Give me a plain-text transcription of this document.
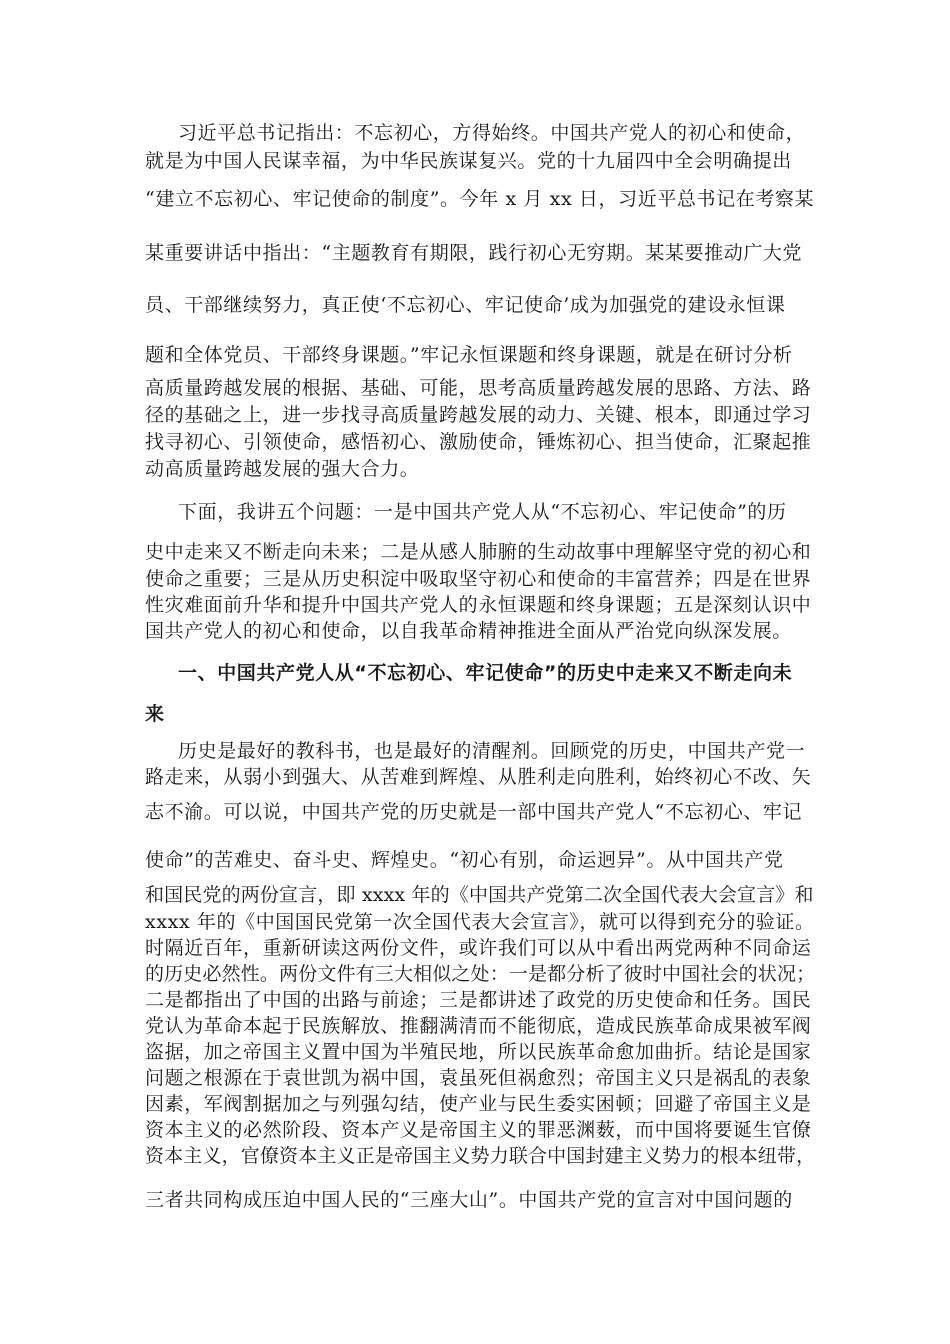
习近平总书记指出：不忘初心，方得始终。中国共产党人的初心和使命，
就是为中国人民谋幸福，为中华民族谋复兴。党的十九届四中全会明确提出
“建立不忘初心、牢记使命的制度”。今年 x 月 xx 日，习近平总书记在考察某
某重要讲话中指出：“主题教育有期限，践行初心无穷期。某某要推动广大党
员、干部继续努力，真正使‘不忘初心、牢记使命’成为加强党的建设永恒课
题和全体党员、干部终身课题。”牢记永恒课题和终身课题，就是在研讨分析
高质量跨越发展的根据、基础、可能，思考高质量跨越发展的思路、方法、路
径的基础之上，进一步找寻高质量跨越发展的动力、关键、根本，即通过学习
找寻初心、引领使命，感悟初心、激励使命，锤炼初心、担当使命，汇聚起推
动高质量跨越发展的强大合力。
下面，我讲五个问题：一是中国共产党人从“不忘初心、牢记使命”的历
史中走来又不断走向未来；二是从感人肺腑的生动故事中理解坚守党的初心和
使命之重要；三是从历史积淀中吸取坚守初心和使命的丰富营养；四是在世界
性灾难面前升华和提升中国共产党人的永恒课题和终身课题；五是深刻认识中
国共产党人的初心和使命，以自我革命精神推进全面从严治党向纵深发展。
一、中国共产党人从“不忘初心、牢记使命”的历史中走来又不断走向未
来
历史是最好的教科书，也是最好的清醒剂。回顾党的历史，中国共产党一
路走来，从弱小到强大、从苦难到辉煌、从胜利走向胜利，始终初心不改、矢
志不渝。可以说，中国共产党的历史就是一部中国共产党人“不忘初心、牢记
使命”的苦难史、奋斗史、辉煌史。“初心有别，命运迥异”。从中国共产党
和国民党的两份宣言，即 xxxx 年的《中国共产党第二次全国代表大会宣言》和
xxxx 年的《中国国民党第一次全国代表大会宣言》，就可以得到充分的验证。
时隔近百年，重新研读这两份文件，或许我们可以从中看出两党两种不同命运
的历史必然性。两份文件有三大相似之处：一是都分析了彼时中国社会的状况；
二是都指出了中国的出路与前途；三是都讲述了政党的历史使命和任务。国民
党认为革命本起于民族解放、推翻满清而不能彻底，造成民族革命成果被军阀
盗据，加之帝国主义置中国为半殖民地，所以民族革命愈加曲折。结论是国家
问题之根源在于袁世凯为祸中国，袁虽死但祸愈烈；帝国主义只是祸乱的表象
因素，军阀割据加之与列强勾结，使产业与民生委实困顿；回避了帝国主义是
资本主义的必然阶段、资本产义是帝国主义的罪恶渊薮，而中国将要诞生官僚
资本主义，官僚资本主义正是帝国主义势力联合中国封建主义势力的根本纽带，
三者共同构成压迫中国人民的“三座大山”。中国共产党的宣言对中国问题的
